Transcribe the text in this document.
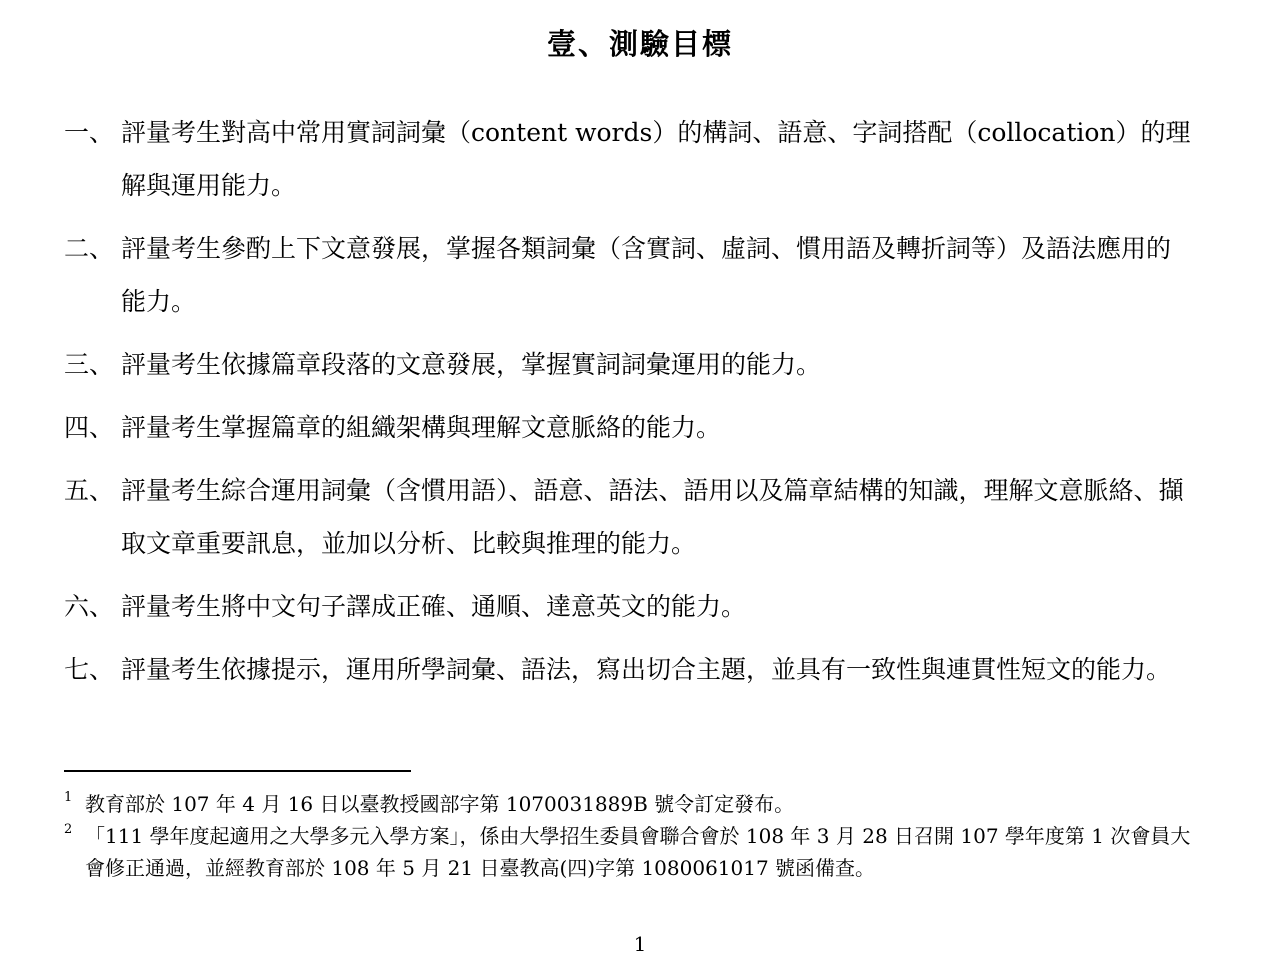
壹、測驗目標
一、 評量考生對高中常用實詞詞彙（content words）的構詞、語意、字詞搭配（collocation）的理解與運用能力。
二、 評量考生參酌上下文意發展，掌握各類詞彙（含實詞、虛詞、慣用語及轉折詞等）及語法應用的能力。
三、 評量考生依據篇章段落的文意發展，掌握實詞詞彙運用的能力。
四、 評量考生掌握篇章的組織架構與理解文意脈絡的能力。
五、 評量考生綜合運用詞彙（含慣用語）、語意、語法、語用以及篇章結構的知識，理解文意脈絡、擷取文章重要訊息，並加以分析、比較與推理的能力。
六、 評量考生將中文句子譯成正確、通順、達意英文的能力。
七、 評量考生依據提示，運用所學詞彙、語法，寫出切合主題，並具有一致性與連貫性短文的能力。
1 教育部於 107 年 4 月 16 日以臺教授國部字第 1070031889B 號令訂定發布。
2 「111 學年度起適用之大學多元入學方案」，係由大學招生委員會聯合會於 108 年 3 月 28 日召開 107 學年度第 1 次會員大會修正通過，並經教育部於 108 年 5 月 21 日臺教高(四)字第 1080061017 號函備查。
1
